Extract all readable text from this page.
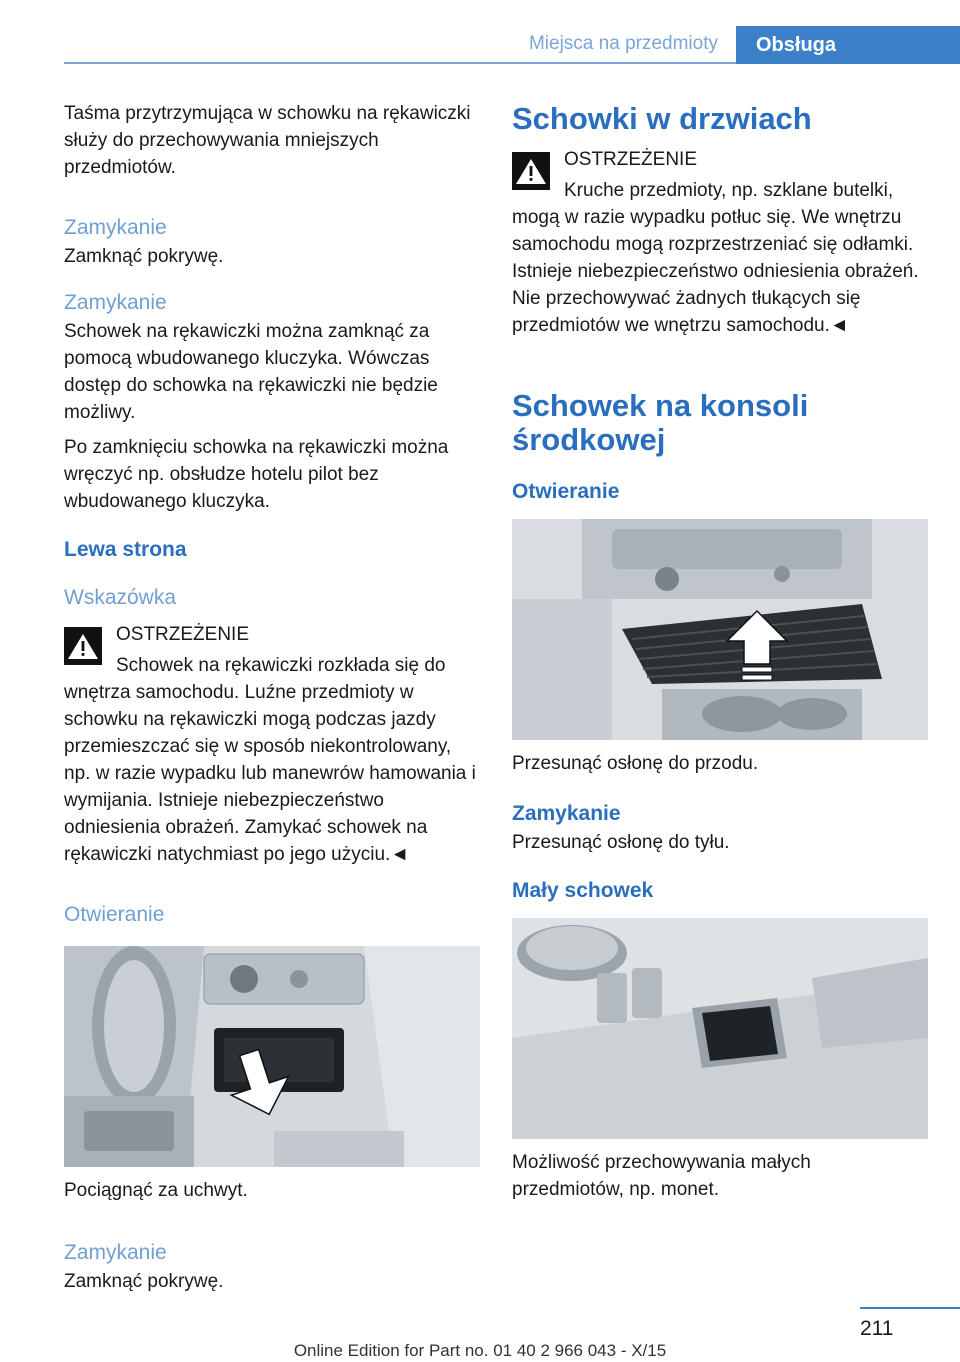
Miejsca na przedmioty	Obsługa

Taśma przytrzymująca w schowku na rękawiczki służy do przechowywania mniejszych przedmiotów.

Zamykanie

Zamknąć pokrywę.

Zamykanie

Schowek na rękawiczki można zamknąć za pomocą wbudowanego kluczyka. Wówczas dostęp do schowka na rękawiczki nie będzie możliwy.

Po zamknięciu schowka na rękawiczki można wręczyć np. obsłudze hotelu pilot bez wbudowanego kluczyka.

Lewa strona
Wskazówka

OSTRZEŻENIE

Schowek na rękawiczki rozkłada się do

wnętrza samochodu. Luźne przedmioty w schowku na rękawiczki mogą podczas jazdy przemieszczać się w sposób niekontrolowany, np. w razie wypadku lub manewrów hamowania i wymijania. Istnieje niebezpieczeństwo odniesienia obrażeń. Zamykać schowek na rękawiczki natychmiast po jego użyciu.◄

Otwieranie

Pociągnąć za uchwyt.

Zamykanie

Zamknąć pokrywę.

Schowki w drzwiach

OSTRZEŻENIE

Kruche przedmioty, np. szklane butelki,

mogą w razie wypadku potłuc się. We wnętrzu samochodu mogą rozprzestrzeniać się odłamki. Istnieje niebezpieczeństwo odniesienia obrażeń. Nie przechowywać żadnych tłukących się przedmiotów we wnętrzu samochodu.◄

Schowek na konsoli
środkowej
Otwieranie

Przesunąć osłonę do przodu.

Zamykanie

Przesunąć osłonę do tyłu.

Mały schowek

Możliwość przechowywania małych przedmiotów, np. monet.

211
Online Edition for Part no. 01 40 2 966 043 - X/15
